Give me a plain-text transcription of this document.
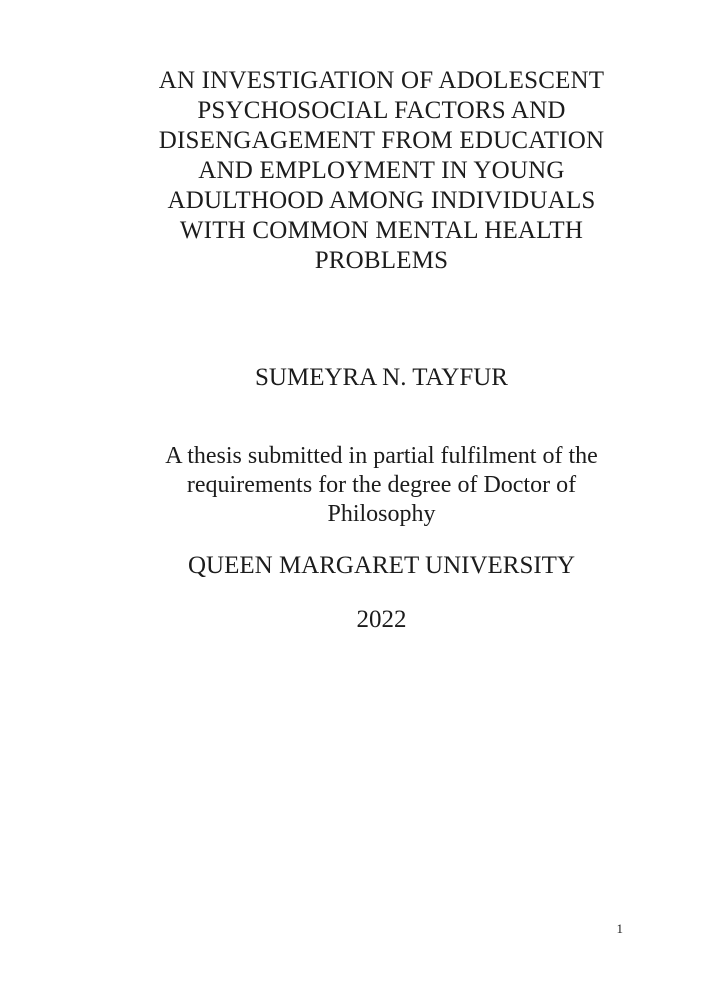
AN INVESTIGATION OF ADOLESCENT
PSYCHOSOCIAL FACTORS AND
DISENGAGEMENT FROM EDUCATION
AND EMPLOYMENT IN YOUNG
ADULTHOOD AMONG INDIVIDUALS
WITH COMMON MENTAL HEALTH
PROBLEMS
SUMEYRA N. TAYFUR
A thesis submitted in partial fulfilment of the
requirements for the degree of Doctor of
Philosophy
QUEEN MARGARET UNIVERSITY
2022
1
